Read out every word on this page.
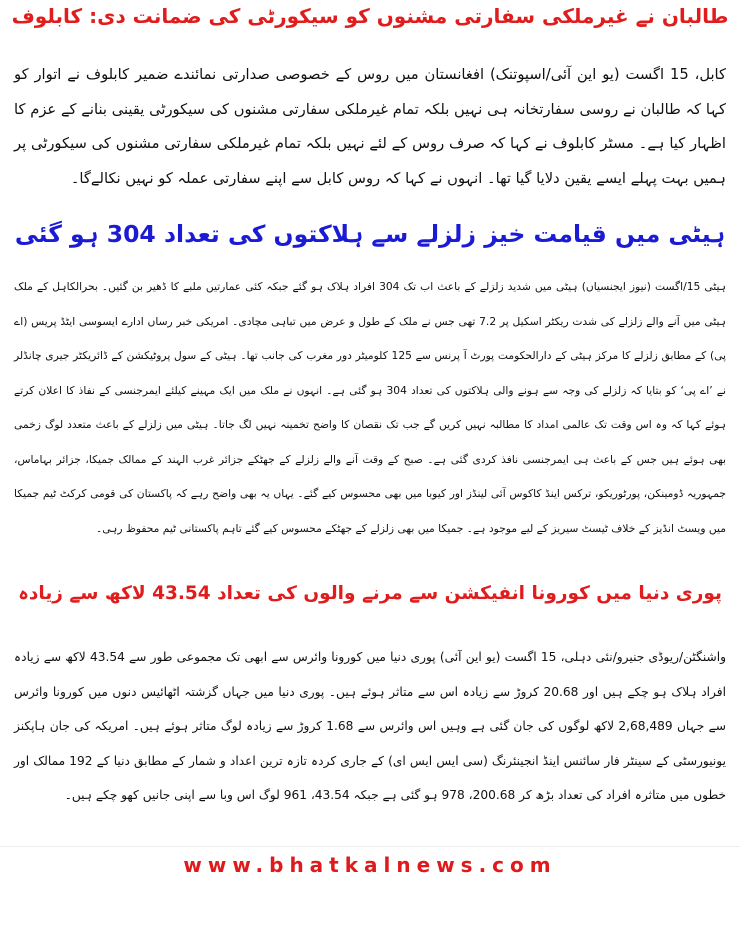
طالبان نے غیرملکی سفارتی مشنوں کو سیکورٹی کی ضمانت دی: کابلوف
کابل، 15 اگست (یو این آئی/اسپوتنک) افغانستان میں روس کے خصوصی صدارتی نمائندے ضمیر کابلوف نے اتوار کو کہا کہ طالبان نے روسی سفارتخانہ ہی نہیں بلکہ تمام غیرملکی سفارتی مشنوں کی سیکورٹی یقینی بنانے کے عزم کا اظہار کیا ہے۔ مسٹر کابلوف نے کہا کہ صرف روس کے لئے نہیں بلکہ تمام غیرملکی سفارتی مشنوں کی سیکورٹی پر ہمیں بہت پہلے ایسے یقین دلایا گیا تھا۔ انہوں نے کہا کہ روس کابل سے اپنے سفارتی عملہ کو نہیں نکالےگا۔
ہیٹی میں قیامت خیز زلزلے سے ہلاکتوں کی تعداد 304 ہو گئی
ہیٹی 15/اگست (نیوز ایجنسیاں) ہیٹی میں شدید زلزلے کے باعث اب تک 304 افراد ہلاک ہو گئے جبکہ کئی عمارتیں ملبے کا ڈھیر بن گئیں۔ بحرالکاہل کے ملک ہیٹی میں آنے والے زلزلے کی شدت ریکٹر اسکیل پر 7.2 تھی جس نے ملک کے طول و عرض میں تباہی مچادی۔ امریکی خبر رساں ادارے ایسوسی ایٹڈ پریس (اے پی) کے مطابق زلزلے کا مرکز ہیٹی کے دارالحکومت پورٹ آ پرنس سے 125 کلومیٹر دور مغرب کی جانب تھا۔ ہیٹی کے سول پروٹیکشن کے ڈائریکٹر جیری چانڈلر نے ’اے پی‘ کو بتایا کہ زلزلے کی وجہ سے ہونے والی ہلاکتوں کی تعداد 304 ہو گئی ہے۔ انہوں نے ملک میں ایک مہینے کیلئے ایمرجنسی کے نفاذ کا اعلان کرتے ہوئے کہا کہ وہ اس وقت تک عالمی امداد کا مطالبہ نہیں کریں گے جب تک نقصان کا واضح تخمینہ نہیں لگ جاتا۔ ہیٹی میں زلزلے کے باعث متعدد لوگ زخمی بھی ہوئے ہیں جس کے باعث ہی ایمرجنسی نافذ کردی گئی ہے۔ صبح کے وقت آنے والے زلزلے کے جھٹکے جزائر غرب الہند کے ممالک جمیکا، جزائر بہاماس، جمہوریہ ڈومینکن، پورٹوریکو، ترکس اینڈ کاکوس آئی لینڈز اور کیوبا میں بھی محسوس کیے گئے۔ یہاں یہ بھی واضح رہے کہ پاکستان کی قومی کرکٹ ٹیم جمیکا میں ویسٹ انڈیز کے خلاف ٹیسٹ سیریز کے لیے موجود ہے۔ جمیکا میں بھی زلزلے کے جھٹکے محسوس کیے گئے تاہم پاکستانی ٹیم محفوظ رہی۔
پوری دنیا میں کورونا انفیکشن سے مرنے والوں کی تعداد 43.54 لاکھ سے زیادہ
واشنگٹن/ریوڈی جنیرو/نئی دہلی، 15 اگست (یو این آئی) پوری دنیا میں کورونا وائرس سے ابھی تک مجموعی طور سے 43.54 لاکھ سے زیادہ افراد ہلاک ہو چکے ہیں اور 20.68 کروڑ سے زیادہ اس سے متاثر ہوئے ہیں۔ پوری دنیا میں جہاں گزشتہ اٹھائیس دنوں میں کورونا وائرس سے جہاں 2,68,489 لاکھ لوگوں کی جان گئی ہے وہیں اس وائرس سے 1.68 کروڑ سے زیادہ لوگ متاثر ہوئے ہیں۔ امریکہ کی جان ہاپکنز یونیورسٹی کے سینٹر فار سائنس اینڈ انجینئرنگ (سی ایس ایس ای) کے جاری کردہ تازہ ترین اعداد و شمار کے مطابق دنیا کے 192 ممالک اور خطوں میں متاثرہ افراد کی تعداد بڑھ کر 200.68، 978 ہو گئی ہے جبکہ 43.54، 961 لوگ اس وبا سے اپنی جانیں کھو چکے ہیں۔
www.bhatkalnews.com
